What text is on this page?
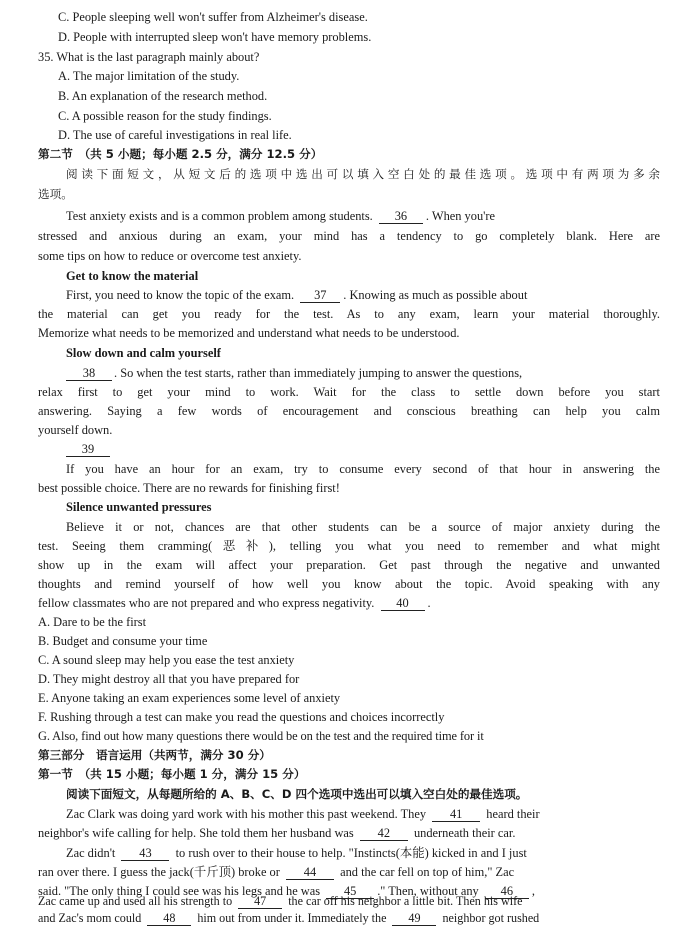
C. People sleeping well won't suffer from Alzheimer's disease.
D. People with interrupted sleep won't have memory problems.
35. What is the last paragraph mainly about?
A. The major limitation of the study.
B. An explanation of the research method.
C. A possible reason for the study findings.
D. The use of careful investigations in real life.
第二节　（共 5 小题；每小题 2.5 分，满分 12.5 分）
阅读下面短文，从短文后的选项中选出可以填入空白处的最佳选项。选项中有两项为多余
选项。
Test anxiety exists and is a common problem among students. 36 . When you're
stressed and anxious during an exam, your mind has a tendency to go completely blank. Here are
some tips on how to reduce or overcome test anxiety.
Get to know the material
First, you need to know the topic of the exam. 37 . Knowing as much as possible about
the material can get you ready for the test. As to any exam, learn your material thoroughly.
Memorize what needs to be memorized and understand what needs to be understood.
Slow down and calm yourself
38 . So when the test starts, rather than immediately jumping to answer the questions,
relax first to get your mind to work. Wait for the class to settle down before you start
answering. Saying a few words of encouragement and conscious breathing can help you calm
yourself down.
39
If you have an hour for an exam, try to consume every second of that hour in answering the
best possible choice. There are no rewards for finishing first!
Silence unwanted pressures
Believe it or not, chances are that other students can be a source of major anxiety during the
test. Seeing them cramming(恶补), telling you what you need to remember and what might
show up in the exam will affect your preparation. Get past through the negative and unwanted
thoughts and remind yourself of how well you know about the topic. Avoid speaking with any
fellow classmates who are not prepared and who express negativity. 40 .
A. Dare to be the first
B. Budget and consume your time
C. A sound sleep may help you ease the test anxiety
D. They might destroy all that you have prepared for
E. Anyone taking an exam experiences some level of anxiety
F. Rushing through a test can make you read the questions and choices incorrectly
G. Also, find out how many questions there would be on the test and the required time for it
第三部分　语言运用（共两节，满分 30 分）
第一节　（共 15 小题；每小题 1 分，满分 15 分）
阅读下面短文，从每题所给的 A、B、C、D 四个选项中选出可以填入空白处的最佳选项。
Zac Clark was doing yard work with his mother this past weekend. They 41 heard their
neighbor's wife calling for help. She told them her husband was 42 underneath their car.
Zac didn't 43 to rush over to their house to help. "Instincts(本能) kicked in and I just
ran over there. I guess the jack(千斤顶) broke or 44 and the car fell on top of him," Zac
said. "The only thing I could see was his legs and he was 45 ." Then, without any 46 ,
Zac came up and used all his strength to 47 the car off his neighbor a little bit. Then his wife
and Zac's mom could 48 him out from under it. Immediately the 49 neighbor got rushed
